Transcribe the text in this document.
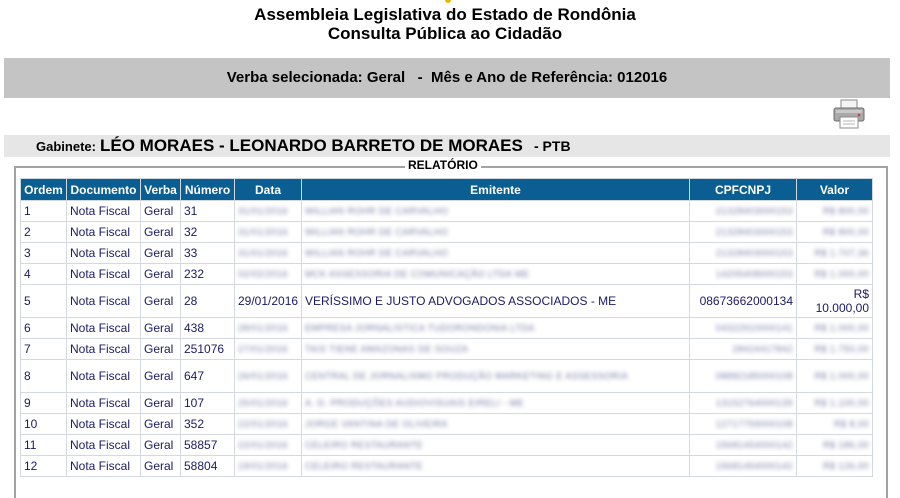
Assembleia Legislativa do Estado de Rondônia
Consulta Pública ao Cidadão
Verba selecionada: Geral   -  Mês e Ano de Referência: 012016
Gabinete: LÉO MORAES - LEONARDO BARRETO DE MORAES - PTB
RELATÓRIO
Ordem	Documento	Verba	Número	Data	Emitente	CPFCNPJ	Valor
1	Nota Fiscal	Geral	31	31/01/2016	WILLIAN ROHR DE CARVALHO	21328403000153	R$ 800,00
2	Nota Fiscal	Geral	32	31/01/2016	WILLIAN ROHR DE CARVALHO	21328403000153	R$ 800,00
3	Nota Fiscal	Geral	33	31/01/2016	WILLIAN ROHR DE CARVALHO	21328403000153	R$ 1.707,36
4	Nota Fiscal	Geral	232	02/02/2016	MCK ASSESSORIA DE COMUNICAÇÃO LTDA ME	14205408000153	R$ 1.000,00
5	Nota Fiscal	Geral	28	29/01/2016	VERÍSSIMO E JUSTO ADVOGADOS ASSOCIADOS - ME	08673662000134	R$
10.000,00
6	Nota Fiscal	Geral	438	28/01/2016	EMPRESA JORNALISTICA TUDORONDONIA LTDA	04322910000141	R$ 1.000,00
7	Nota Fiscal	Geral	251076	27/01/2016	TAIS TIENE AMAZONAS DE SOUZA	28424417842	R$ 1.750,00
8	Nota Fiscal	Geral	647	26/01/2016	CENTRAL DE JORNALISMO PRODUÇÃO MARKETING E ASSESSORIA	08882185000108	R$ 1.000,00
9	Nota Fiscal	Geral	107	25/01/2016	A. D. PRODUÇÕES AUDIOVISUAIS EIRELI - ME	13152764000139	R$ 1.100,00
10	Nota Fiscal	Geral	352	22/01/2016	JORGE VANTINA DE OLIVEIRA	12717759000108	R$ 8,00
11	Nota Fiscal	Geral	58857	22/01/2016	CELEIRO RESTAURANTE	15681454000142	R$ 186,00
12	Nota Fiscal	Geral	58804	19/01/2016	CELEIRO RESTAURANTE	15681454000142	R$ 126,00
